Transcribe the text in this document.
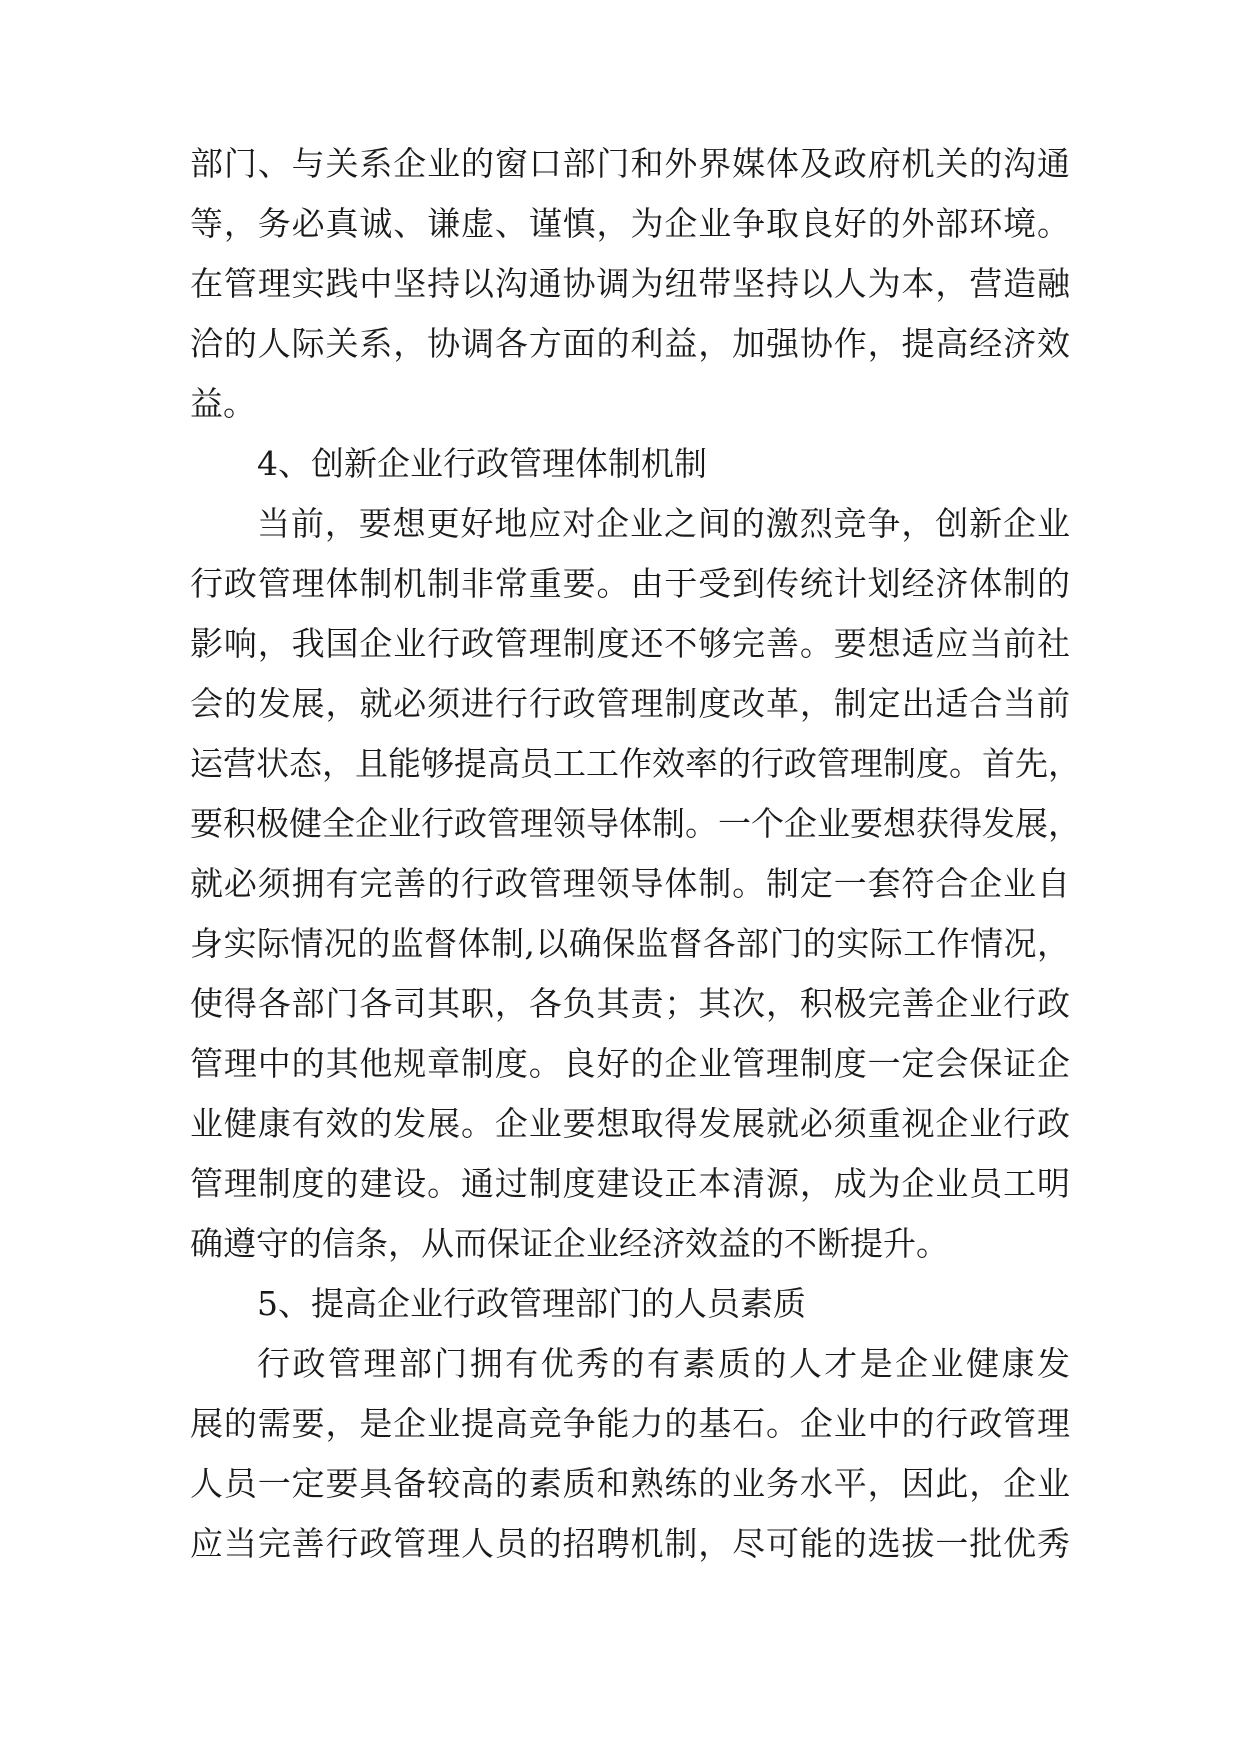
部门、与关系企业的窗口部门和外界媒体及政府机关的沟通
等，务必真诚、谦虚、谨慎，为企业争取良好的外部环境。
在管理实践中坚持以沟通协调为纽带坚持以人为本，营造融
洽的人际关系，协调各方面的利益，加强协作，提高经济效
益。
4、创新企业行政管理体制机制
当前，要想更好地应对企业之间的激烈竞争，创新企业
行政管理体制机制非常重要。由于受到传统计划经济体制的
影响，我国企业行政管理制度还不够完善。要想适应当前社
会的发展，就必须进行行政管理制度改革，制定出适合当前
运营状态，且能够提高员工工作效率的行政管理制度。首先，
要积极健全企业行政管理领导体制。一个企业要想获得发展，
就必须拥有完善的行政管理领导体制。制定一套符合企业自
身实际情况的监督体制,以确保监督各部门的实际工作情况，
使得各部门各司其职，各负其责；其次，积极完善企业行政
管理中的其他规章制度。良好的企业管理制度一定会保证企
业健康有效的发展。企业要想取得发展就必须重视企业行政
管理制度的建设。通过制度建设正本清源，成为企业员工明
确遵守的信条，从而保证企业经济效益的不断提升。
5、提高企业行政管理部门的人员素质
行政管理部门拥有优秀的有素质的人才是企业健康发
展的需要，是企业提高竞争能力的基石。企业中的行政管理
人员一定要具备较高的素质和熟练的业务水平，因此，企业
应当完善行政管理人员的招聘机制，尽可能的选拔一批优秀
